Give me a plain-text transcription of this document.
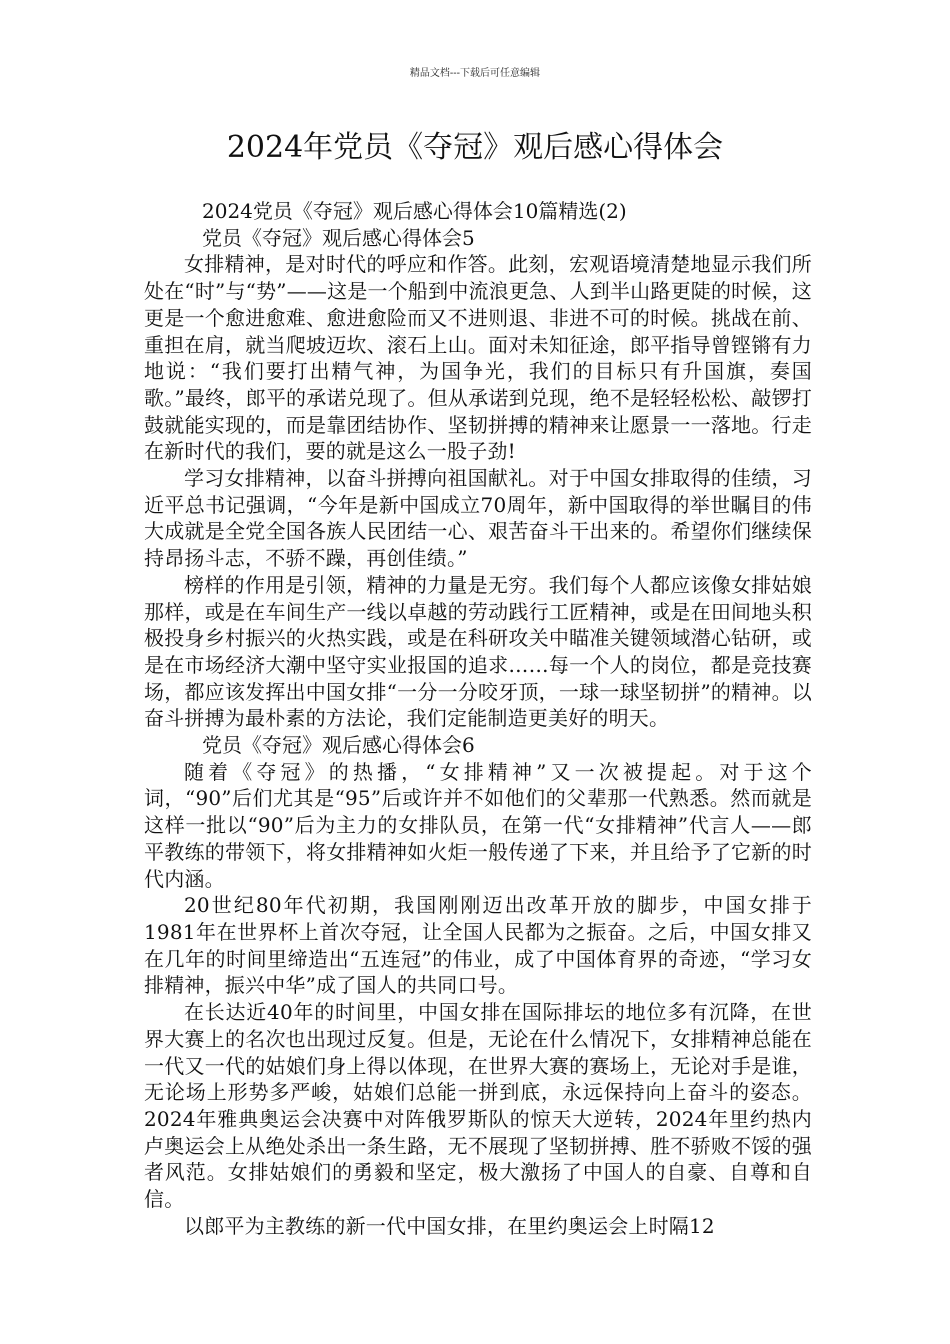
精品文档---下载后可任意编辑
2024年党员《夺冠》观后感心得体会

2024党员《夺冠》观后感心得体会10篇精选(2)

党员《夺冠》观后感心得体会5

女排精神，是对时代的呼应和作答。此刻，宏观语境清楚地显示我们所处在“时”与“势”——这是一个船到中流浪更急、人到半山路更陡的时候，这更是一个愈进愈难、愈进愈险而又不进则退、非进不可的时候。挑战在前、重担在肩，就当爬坡迈坎、滚石上山。面对未知征途，郎平指导曾铿锵有力地说：“我们要打出精气神，为国争光，我们的目标只有升国旗，奏国歌。”最终，郎平的承诺兑现了。但从承诺到兑现，绝不是轻轻松松、敲锣打鼓就能实现的，而是靠团结协作、坚韧拼搏的精神来让愿景一一落地。行走在新时代的我们，要的就是这么一股子劲!

学习女排精神，以奋斗拼搏向祖国献礼。对于中国女排取得的佳绩，习近平总书记强调，“今年是新中国成立70周年，新中国取得的举世瞩目的伟大成就是全党全国各族人民团结一心、艰苦奋斗干出来的。希望你们继续保持昂扬斗志，不骄不躁，再创佳绩。”

榜样的作用是引领，精神的力量是无穷。我们每个人都应该像女排姑娘那样，或是在车间生产一线以卓越的劳动践行工匠精神，或是在田间地头积极投身乡村振兴的火热实践，或是在科研攻关中瞄准关键领域潜心钻研，或是在市场经济大潮中坚守实业报国的追求……每一个人的岗位，都是竞技赛场，都应该发挥出中国女排“一分一分咬牙顶，一球一球坚韧拼”的精神。以奋斗拼搏为最朴素的方法论，我们定能制造更美好的明天。

党员《夺冠》观后感心得体会6

随着《夺冠》的热播，“女排精神”又一次被提起。对于这个词，“90”后们尤其是“95”后或许并不如他们的父辈那一代熟悉。然而就是这样一批以“90”后为主力的女排队员，在第一代“女排精神”代言人——郎平教练的带领下，将女排精神如火炬一般传递了下来，并且给予了它新的时代内涵。

20世纪80年代初期，我国刚刚迈出改革开放的脚步，中国女排于1981年在世界杯上首次夺冠，让全国人民都为之振奋。之后，中国女排又在几年的时间里缔造出“五连冠”的伟业，成了中国体育界的奇迹，“学习女排精神，振兴中华”成了国人的共同口号。

在长达近40年的时间里，中国女排在国际排坛的地位多有沉降，在世界大赛上的名次也出现过反复。但是，无论在什么情况下，女排精神总能在一代又一代的姑娘们身上得以体现，在世界大赛的赛场上，无论对手是谁，无论场上形势多严峻，姑娘们总能一拼到底，永远保持向上奋斗的姿态。2024年雅典奥运会决赛中对阵俄罗斯队的惊天大逆转，2024年里约热内卢奥运会上从绝处杀出一条生路，无不展现了坚韧拼搏、胜不骄败不馁的强者风范。女排姑娘们的勇毅和坚定，极大激扬了中国人的自豪、自尊和自信。

以郎平为主教练的新一代中国女排，在里约奥运会上时隔12
